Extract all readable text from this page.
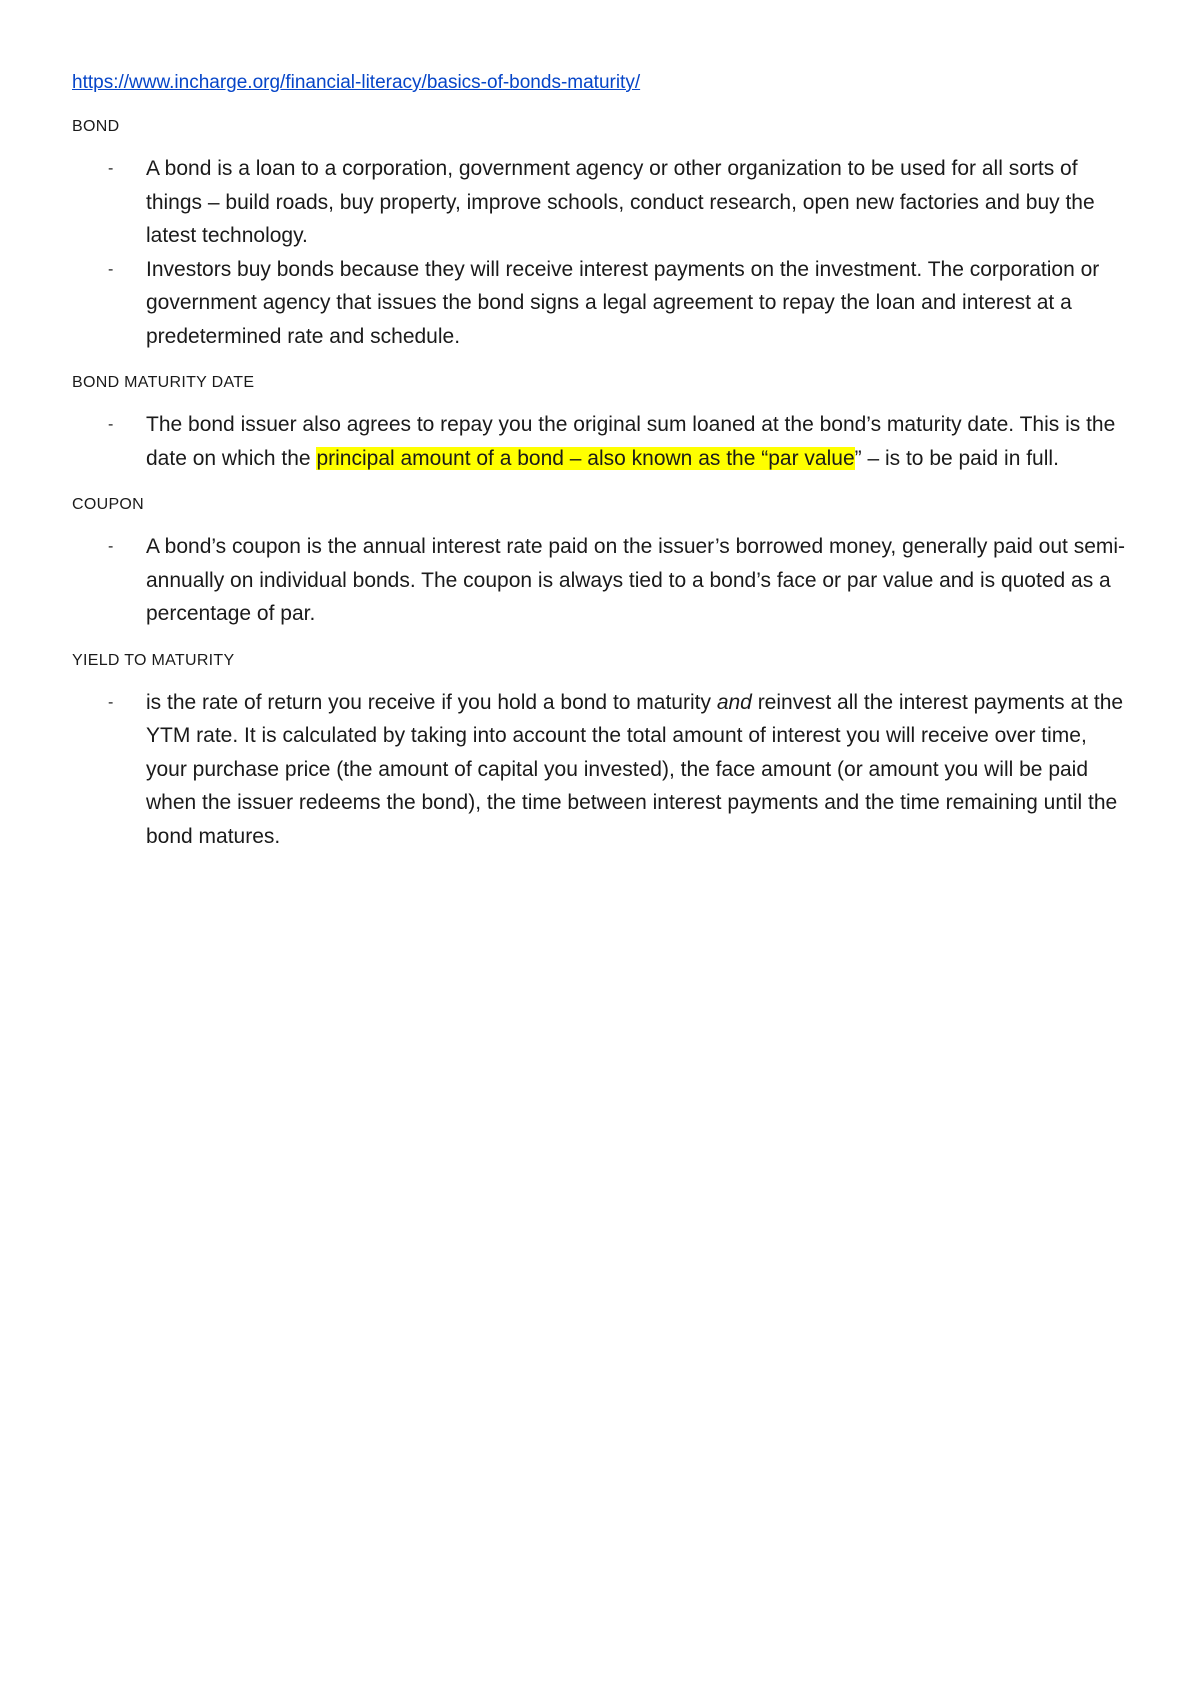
https://www.incharge.org/financial-literacy/basics-of-bonds-maturity/

BOND

- A bond is a loan to a corporation, government agency or other organization to be used for all sorts of things – build roads, buy property, improve schools, conduct research, open new factories and buy the latest technology.
- Investors buy bonds because they will receive interest payments on the investment. The corporation or government agency that issues the bond signs a legal agreement to repay the loan and interest at a predetermined rate and schedule.

BOND MATURITY DATE

- The bond issuer also agrees to repay you the original sum loaned at the bond’s maturity date. This is the date on which the principal amount of a bond – also known as the “par value” – is to be paid in full.

COUPON

- A bond’s coupon is the annual interest rate paid on the issuer’s borrowed money, generally paid out semi-annually on individual bonds. The coupon is always tied to a bond’s face or par value and is quoted as a percentage of par.

YIELD TO MATURITY

- is the rate of return you receive if you hold a bond to maturity and reinvest all the interest payments at the YTM rate. It is calculated by taking into account the total amount of interest you will receive over time, your purchase price (the amount of capital you invested), the face amount (or amount you will be paid when the issuer redeems the bond), the time between interest payments and the time remaining until the bond matures.
